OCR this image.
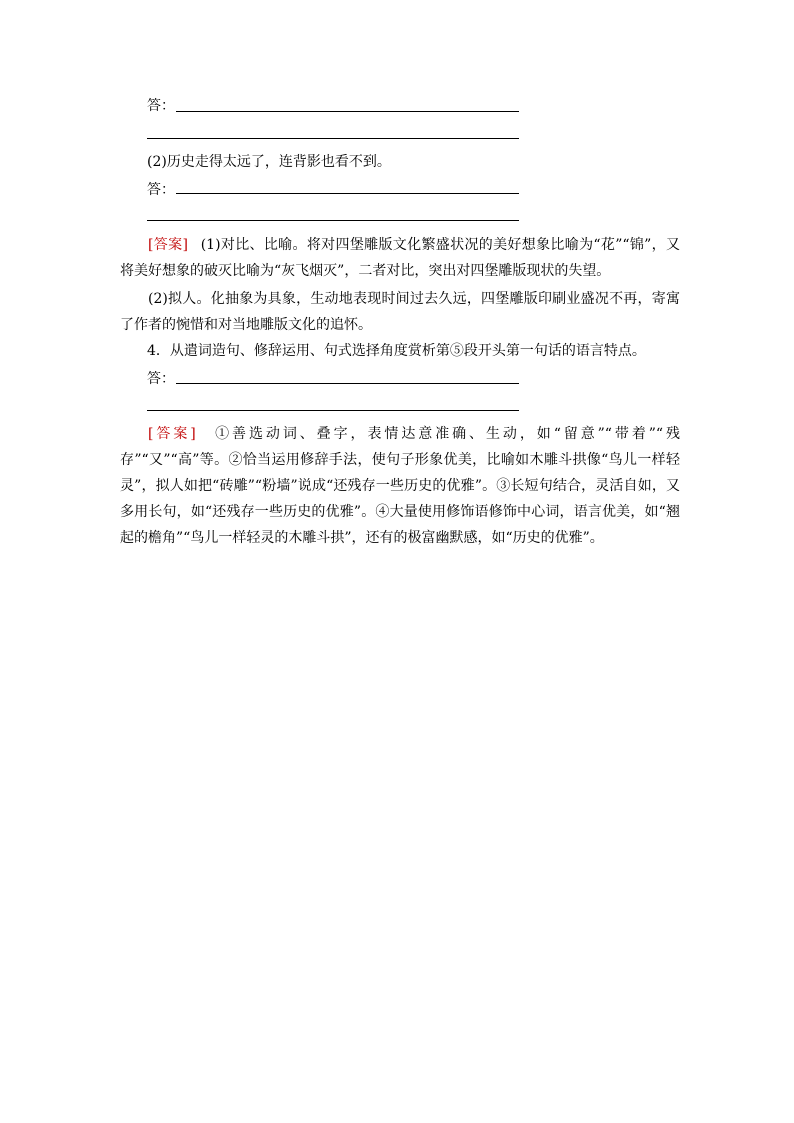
答：
(2)历史走得太远了，连背影也看不到。
答：
[答案] (1)对比、比喻。将对四堡雕版文化繁盛状况的美好想象比喻为“花”“锦”，又将美好想象的破灭比喻为“灰飞烟灭”，二者对比，突出对四堡雕版现状的失望。
(2)拟人。化抽象为具象，生动地表现时间过去久远，四堡雕版印刷业盛况不再，寄寓了作者的惋惜和对当地雕版文化的追怀。
4．从遣词造句、修辞运用、句式选择角度赏析第⑤段开头第一句话的语言特点。
答：
[答案] ①善选动词、叠字，表情达意准确、生动，如“留意”“带着”“残存”“又”“高”等。②恰当运用修辞手法，使句子形象优美，比喻如木雕斗拱像“鸟儿一样轻灵”，拟人如把“砖雕”“粉墙”说成“还残存一些历史的优雅”。③长短句结合，灵活自如，又多用长句，如“还残存一些历史的优雅”。④大量使用修饰语修饰中心词，语言优美，如“翘起的檐角”“鸟儿一样轻灵的木雕斗拱”，还有的极富幽默感，如“历史的优雅”。
